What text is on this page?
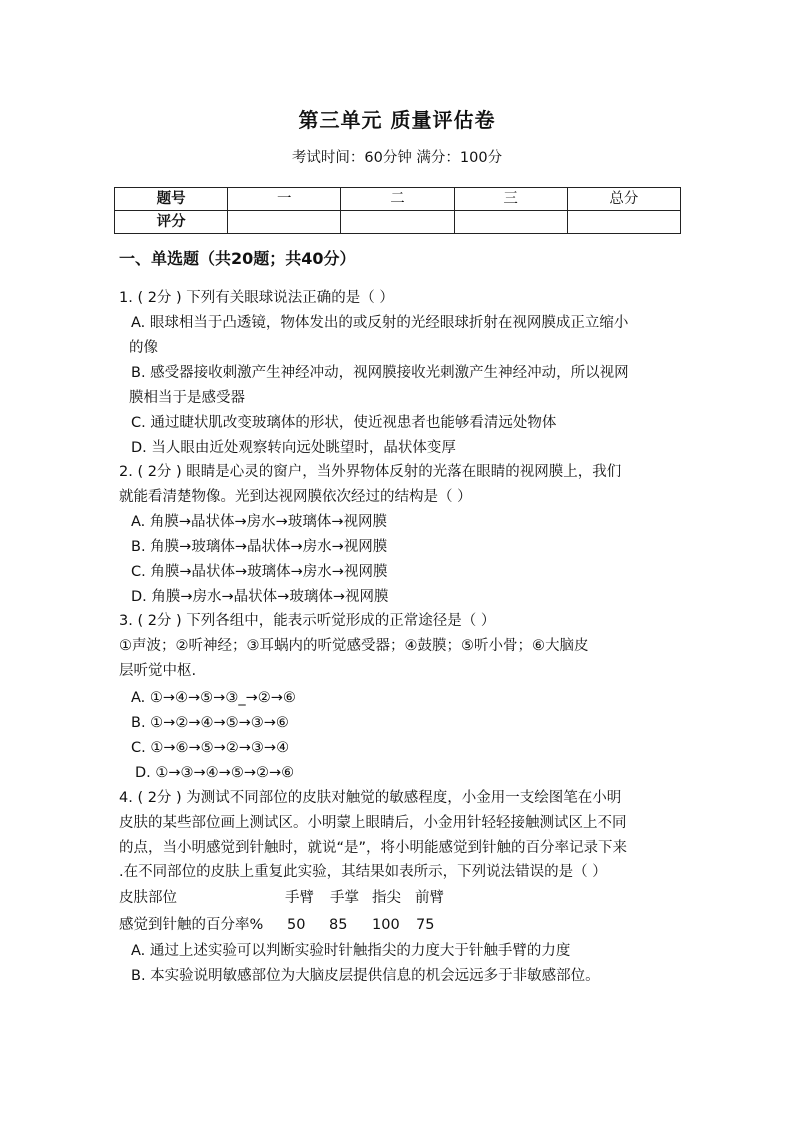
第三单元 质量评估卷
考试时间：60分钟 满分：100分
题号	一	二	三	总分
评分				
一、单选题（共20题；共40分）
1. ( 2分 ) 下列有关眼球说法正确的是（ ）
A. 眼球相当于凸透镜，物体发出的或反射的光经眼球折射在视网膜成正立缩小
的像
B. 感受器接收刺激产生神经冲动，视网膜接收光刺激产生神经冲动，所以视网
膜相当于是感受器
C. 通过睫状肌改变玻璃体的形状，使近视患者也能够看清远处物体
D. 当人眼由近处观察转向远处眺望时，晶状体变厚
2. ( 2分 ) 眼睛是心灵的窗户，当外界物体反射的光落在眼睛的视网膜上，我们
就能看清楚物像。光到达视网膜依次经过的结构是（ ）
A. 角膜→晶状体→房水→玻璃体→视网膜
B. 角膜→玻璃体→晶状体→房水→视网膜
C. 角膜→晶状体→玻璃体→房水→视网膜
D. 角膜→房水→晶状体→玻璃体→视网膜
3. ( 2分 ) 下列各组中，能表示听觉形成的正常途径是（ ）
①声波；②听神经；③耳蜗内的听觉感受器；④鼓膜；⑤听小骨；⑥大脑皮
层听觉中枢.
A. ①→④→⑤→③_→②→⑥
B. ①→②→④→⑤→③→⑥
C. ①→⑥→⑤→②→③→④
D. ①→③→④→⑤→②→⑥
4. ( 2分 ) 为测试不同部位的皮肤对触觉的敏感程度，小金用一支绘图笔在小明
皮肤的某些部位画上测试区。小明蒙上眼睛后，小金用针轻轻接触测试区上不同
的点，当小明感觉到针触时，就说“是”，将小明能感觉到针触的百分率记录下来
.在不同部位的皮肤上重复此实验，其结果如表所示，下列说法错误的是（ ）
皮肤部位	手臂 手掌 指尖 前臂
感觉到针触的百分率% 50 85 100 75
A. 通过上述实验可以判断实验时针触指尖的力度大于针触手臂的力度
B. 本实验说明敏感部位为大脑皮层提供信息的机会远远多于非敏感部位。
